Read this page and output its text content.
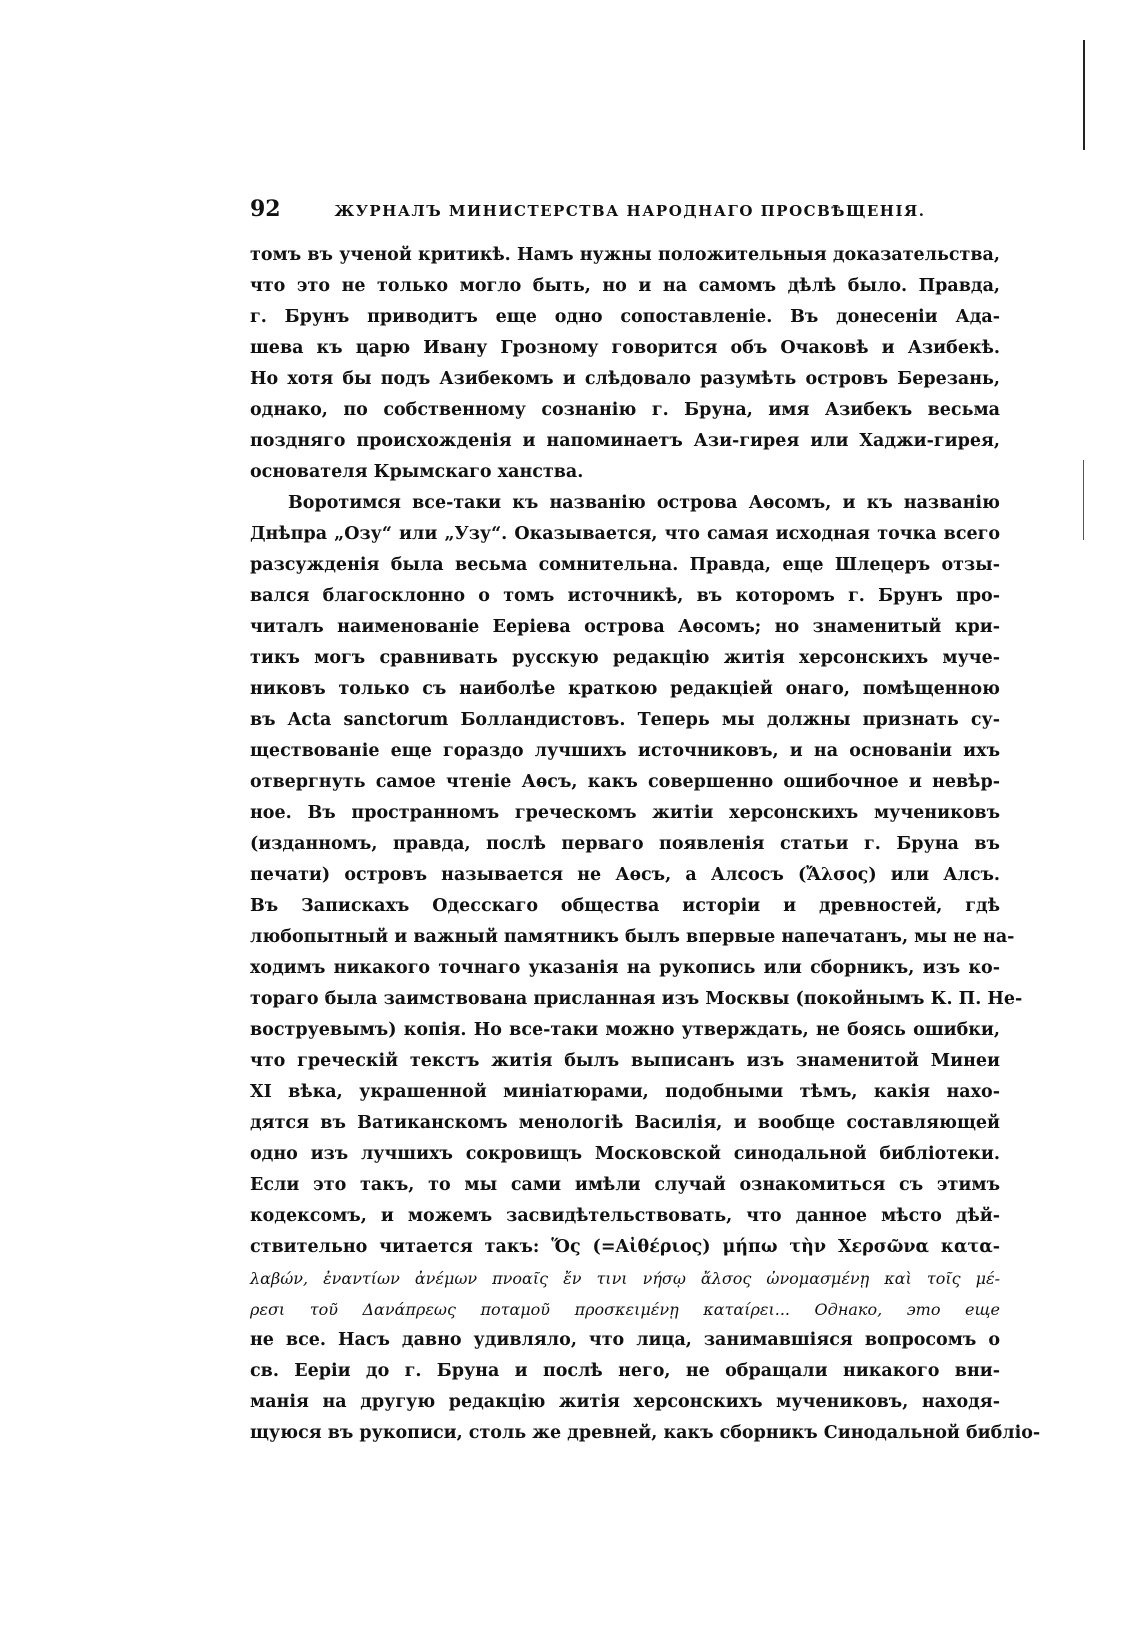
92	ЖУРНАЛЪ МИНИСТЕРСТВА НАРОДНАГО ПРОСВѢЩЕНІЯ.
томъ въ ученой критикѣ. Намъ нужны положительныя доказательства,
что это не только могло быть, но и на самомъ дѣлѣ было. Правда,
г. Брунъ приводитъ еще одно сопоставленіе. Въ донесеніи Ада-
шева къ царю Ивану Грозному говорится объ Очаковѣ и Азибекѣ.
Но хотя бы подъ Азибекомъ и слѣдовало разумѣть островъ Березань,
однако, по собственному сознанію г. Бруна, имя Азибекъ весьма
поздняго происхожденія и напоминаетъ Ази-гирея или Хаджи-гирея,
основателя Крымскаго ханства.
Воротимся все-таки къ названію острова Аѳсомъ, и къ названію
Днѣпра „Озу“ или „Узу“. Оказывается, что самая исходная точка всего
разсужденія была весьма сомнительна. Правда, еще Шлецеръ отзы-
вался благосклонно о томъ источникѣ, въ которомъ г. Брунъ про-
читалъ наименованіе Ееріева острова Аѳсомъ; но знаменитый кри-
тикъ могъ сравнивать русскую редакцію житія херсонскихъ муче-
никовъ только съ наиболѣе краткою редакціей онаго, помѣщенною
въ Acta sanctorum Болландистовъ. Теперь мы должны признать су-
ществованіе еще гораздо лучшихъ источниковъ, и на основаніи ихъ
отвергнуть самое чтеніе Аѳсъ, какъ совершенно ошибочное и невѣр-
ное. Въ пространномъ греческомъ житіи херсонскихъ мучениковъ
(изданномъ, правда, послѣ перваго появленія статьи г. Бруна въ
печати) островъ называется не Аѳсъ, а Алсосъ (Ἄλσος) или Алсъ.
Въ Запискахъ Одесскаго общества исторіи и древностей, гдѣ
любопытный и важный памятникъ былъ впервые напечатанъ, мы не на-
ходимъ никакого точнаго указанія на рукопись или сборникъ, изъ ко-
тораго была заимствована присланная изъ Москвы (покойнымъ К. П. Не-
воструевымъ) копія. Но все-таки можно утверждать, не боясь ошибки,
что греческій текстъ житія былъ выписанъ изъ знаменитой Минеи
XI вѣка, украшенной миніатюрами, подобными тѣмъ, какія нахо-
дятся въ Ватиканскомъ менологіѣ Василія, и вообще составляющей
одно изъ лучшихъ сокровищъ Московской синодальной библіотеки.
Если это такъ, то мы сами имѣли случай ознакомиться съ этимъ
кодексомъ, и можемъ засвидѣтельствовать, что данное мѣсто дѣй-
ствительно читается такъ: Ὅς (=Αἰθέριος) μήπω τὴν Χερσῶνα κατα-
λαβών, ἐναντίων ἀνέμων πνοαῖς ἔν τινι νήσῳ ἄλσος ὠνομασμένῃ καὶ τοῖς μέ-
ρεσι τοῦ Δανάπρεως ποταμοῦ προσκειμένῃ καταίρει... Однако, это еще
не все. Насъ давно удивляло, что лица, занимавшіяся вопросомъ о
св. Ееріи до г. Бруна и послѣ него, не обращали никакого вни-
манія на другую редакцію житія херсонскихъ мучениковъ, находя-
щуюся въ рукописи, столь же древней, какъ сборникъ Синодальной библіо-
